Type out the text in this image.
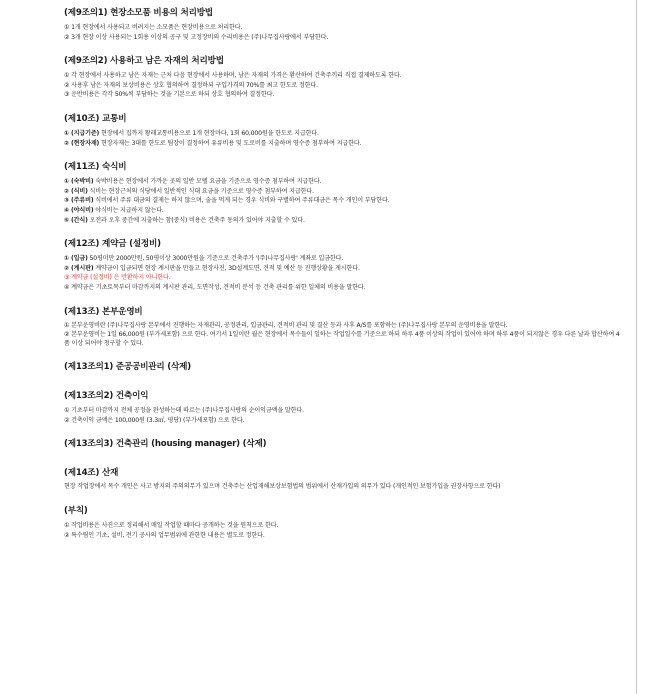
(제9조의1) 현장소모품 비용의 처리방법
① 1개 현장에서 사용되고 버려지는 소모품은 현장비용으로 처리한다.
② 3개 현장 이상 사용되는 1회용 이상의 공구 및 고정장비의 수리비용은 (주)나무집사랑에서 부담한다.
(제9조의2) 사용하고 남은 자재의 처리방법
① 각 현장에서 사용하고 남은 자재는 근처 다음 현장에서 사용하며, 남은 자재의 가격은 환산하여 건축주끼리 직접 결제하도록 한다.
② 사용후 남은 자재의 보상비용은 상호 협의하여 결정하되 구입가격의 70%를 최고 한도로 정한다.
③ 운반비용은 각각 50%씩 부담하는 것을 기본으로 하되 상호 협의하여 결정한다.
(제10조) 교통비
① (지급기준) 현장에서 집까지 왕래교통비용으로 1개 현장마다, 1회 60,000원을 한도로 지급한다.
② (현장자재) 현장자재는 3대를 한도로 팀장이 결정하여 유류비용 및 도로비를 지출하며 영수증 첨부하여 지급한다.
(제11조) 숙식비
① (숙박비) 숙박비용은 현장에서 가까운 곳의 일반 모텔 요금을 기준으로 영수증 첨부하여 지급한다.
② (식비) 식비는 현장근처의 식당에서 일반적인 식대 요금을 기준으로 영수증 첨부하여 지급한다.
③ (주류비) 식비에서 주류 대금의 결제는 하지 않으며, 술을 먹게 되는 경우 식비와 구별하여 주류대금은 목수 개인이 부담한다.
④ (야식비) 야식비는 지급하지 않는다.
⑤ (간식) 오전과 오후 중간에 지출하는 참(중식) 비용은 건축주 동의가 있어야 지출할 수 있다.
(제12조) 계약금 (설정비)
① (입금) 50평미만 2000만원, 50평이상 3000만원을 기준으로 건축주가 '(주)나무집사랑' 계좌로 입금한다.
② (계시판) 계약금이 입금되면 현장 계시판을 만들고 현장사진, 3D설계도면, 견적 및 예산 등 진행상황을 게시한다.
③ 계약금 (설정비) 은 반환하지 아니한다.
④ 계약금은 기초토목부터 마감까지의 계시판 관리, 도면작성, 견적비 분석 등 건축 관리를 위한 일체의 비용을 말한다.
(제13조) 본부운영비
① 본부운영비란 (주)나무집사랑 본부에서 진행하는 자재관리, 공정관리, 입금관리, 견적비 관리 및 결산 등과 사후 A/S를 포함하는 (주)나무집사랑 본부의 운영비용을 말한다.
② 본부운영비는 1일 66,000원 (부가세포함) 으로 한다. 여기서 1일이란 월은 현장에서 목수들이 일하는 작업일수를 기준으로 하되 하루 4품 이상의 작업이 있어야 하며 하루 4품이 되지않은 경우 다른 날과 합산하여 4품 이상 되어야 청구할 수 있다.
(제13조의1) 준공공비관리 (삭제)
(제13조의2) 건축이익
① 기초부터 마감까지 전체 공정을 완성하는데 따르는 (주)나무집사랑의 순이익금액을 말한다.
② 건축이익 금액은 100,000원 (3.3㎡, 평당) (부가세포함) 으로 한다.
(제13조의3) 건축관리 (housing manager) (삭제)
(제14조) 산재
현장 작업장에서 목수 개인은 사고 방지의 주의의무가 있으며 건축주는 산업재해보상보험법의 범위에서 산재가입의 의무가 있다 (개인적인 보험가입을 권장사항으로 한다)
(부칙)
① 작업비용은 사진으로 정리해서 매일 작업할 때마다 공개하는 것을 원칙으로 한다.
② 특수팀인 기초, 설비, 전기 공사의 업무범위에 관한한 내용은 별도로 정한다.
